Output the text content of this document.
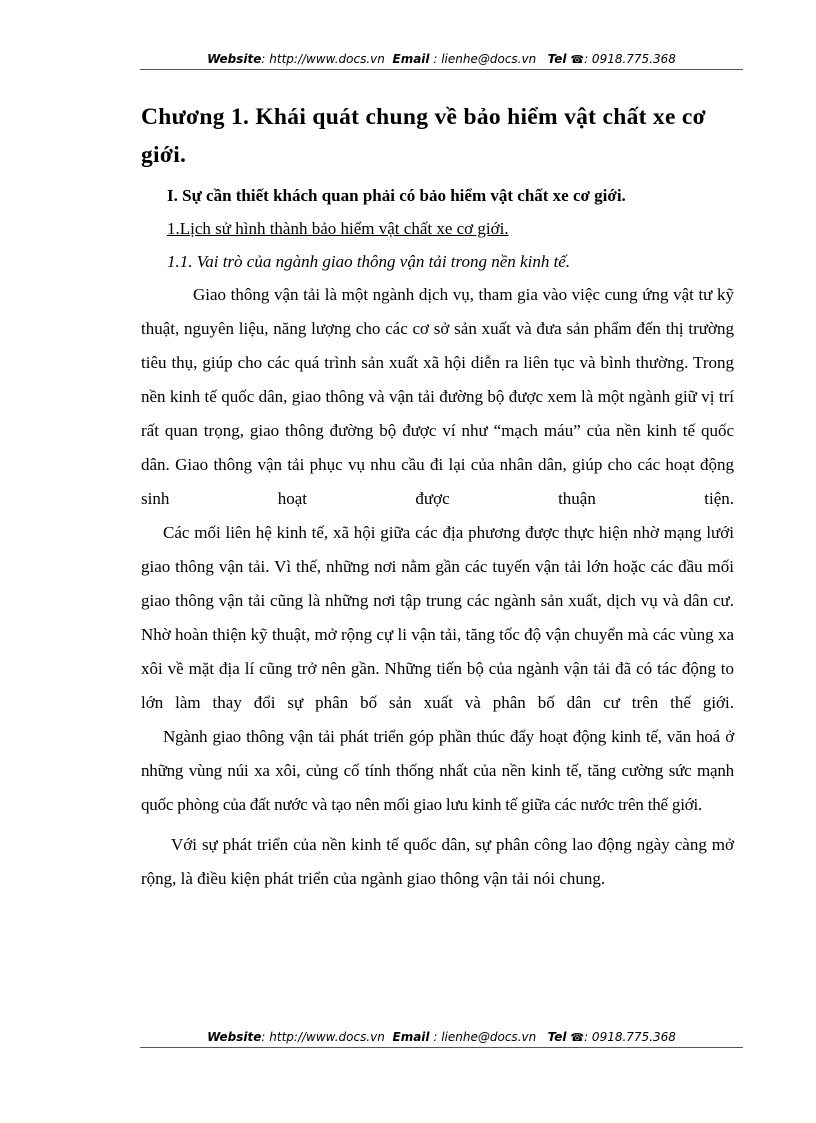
Website: http://www.docs.vn Email : lienhe@docs.vn Tel ☎: 0918.775.368
Chương 1. Khái quát chung về bảo hiểm vật chất xe cơ giới.
I. Sự cần thiết khách quan phải có bảo hiểm vật chất xe cơ giới.
1.Lịch sử hình thành bảo hiểm vật chất xe cơ giới.
1.1. Vai trò của ngành giao thông vận tải trong nền kinh tế.

Giao thông vận tải là một ngành dịch vụ, tham gia vào việc cung ứng vật tư kỹ thuật, nguyên liệu, năng lượng cho các cơ sở sản xuất và đưa sản phẩm đến thị trường tiêu thụ, giúp cho các quá trình sản xuất xã hội diễn ra liên tục và bình thường. Trong nền kinh tế quốc dân, giao thông và vận tải đường bộ được xem là một ngành giữ vị trí rất quan trọng, giao thông đường bộ được ví như “mạch máu” của nền kinh tế quốc dân. Giao thông vận tải phục vụ nhu cầu đi lại của nhân dân, giúp cho các hoạt động sinh hoạt được thuận tiện.

Các mối liên hệ kinh tế, xã hội giữa các địa phương được thực hiện nhờ mạng lưới giao thông vận tải. Vì thế, những nơi nằm gần các tuyến vận tải lớn hoặc các đầu mối giao thông vận tải cũng là những nơi tập trung các ngành sản xuất, dịch vụ và dân cư. Nhờ hoàn thiện kỹ thuật, mở rộng cự li vận tải, tăng tốc độ vận chuyển mà các vùng xa xôi về mặt địa lí cũng trở nên gần. Những tiến bộ của ngành vận tải đã có tác động to lớn làm thay đổi sự phân bố sản xuất và phân bố dân cư trên thế giới.

Ngành giao thông vận tải phát triển góp phần thúc đẩy hoạt động kinh tế, văn hoá ở những vùng núi xa xôi, củng cố tính thống nhất của nền kinh tế, tăng cường sức mạnh quốc phòng của đất nước và tạo nên mối giao lưu kinh tế giữa các nước trên thế giới.

Với sự phát triển của nền kinh tế quốc dân, sự phân công lao động ngày càng mở rộng, là điều kiện phát triển của ngành giao thông vận tải nói chung.

Website: http://www.docs.vn Email : lienhe@docs.vn Tel ☎: 0918.775.368
